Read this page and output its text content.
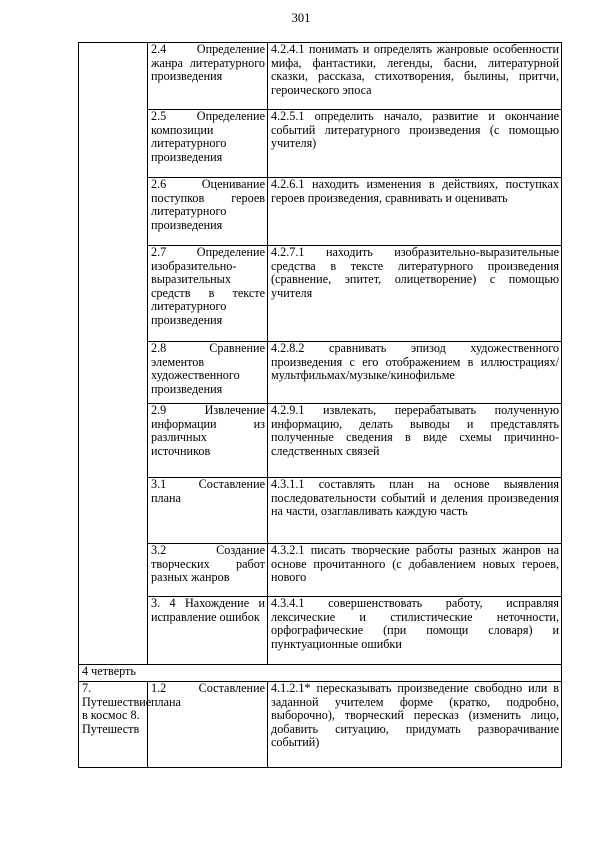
301
	2.4 Определение жанра литературного произведения	4.2.4.1 понимать и определять жанровые особенности мифа, фантастики, легенды, басни, литературной сказки, рассказа, стихотворения, былины, притчи, героического эпоса
	2.5 Определение композиции литературного произведения	4.2.5.1 определить начало, развитие и окончание событий литературного произведения (с помощью учителя)
	2.6 Оценивание поступков героев литературного произведения	4.2.6.1 находить изменения в действиях, поступках героев произведения, сравнивать и оценивать
	2.7 Определение изобразительно-выразительных средств в тексте литературного произведения	4.2.7.1 находить изобразительно-выразительные средства в тексте литературного произведения (сравнение, эпитет, олицетворение) с помощью учителя
	2.8 Сравнение элементов художественного произведения	4.2.8.2 сравнивать эпизод художественного произведения с его отображением в иллюстрациях/мультфильмах/музыке/кинофильме
	2.9 Извлечение информации из различных источников	4.2.9.1 извлекать, перерабатывать полученную информацию, делать выводы и представлять полученные сведения в виде схемы причинно-следственных связей
	3.1 Составление плана	4.3.1.1 составлять план на основе выявления последовательности событий и деления произведения на части, озаглавливать каждую часть
	3.2 Создание творческих работ разных жанров	4.3.2.1 писать творческие работы разных жанров на основе прочитанного (с добавлением новых героев, нового
	3. 4 Нахождение и исправление ошибок	4.3.4.1 совершенствовать работу, исправляя лексические и стилистические неточности, орфографические (при помощи словаря) и пунктуационные ошибки
4 четверть		
7. Путешествие в космос 8. Путешеств	1.2 Составление плана	4.1.2.1* пересказывать произведение свободно или в заданной учителем форме (кратко, подробно, выборочно), творческий пересказ (изменить лицо, добавить ситуацию, придумать разворачивание событий)
